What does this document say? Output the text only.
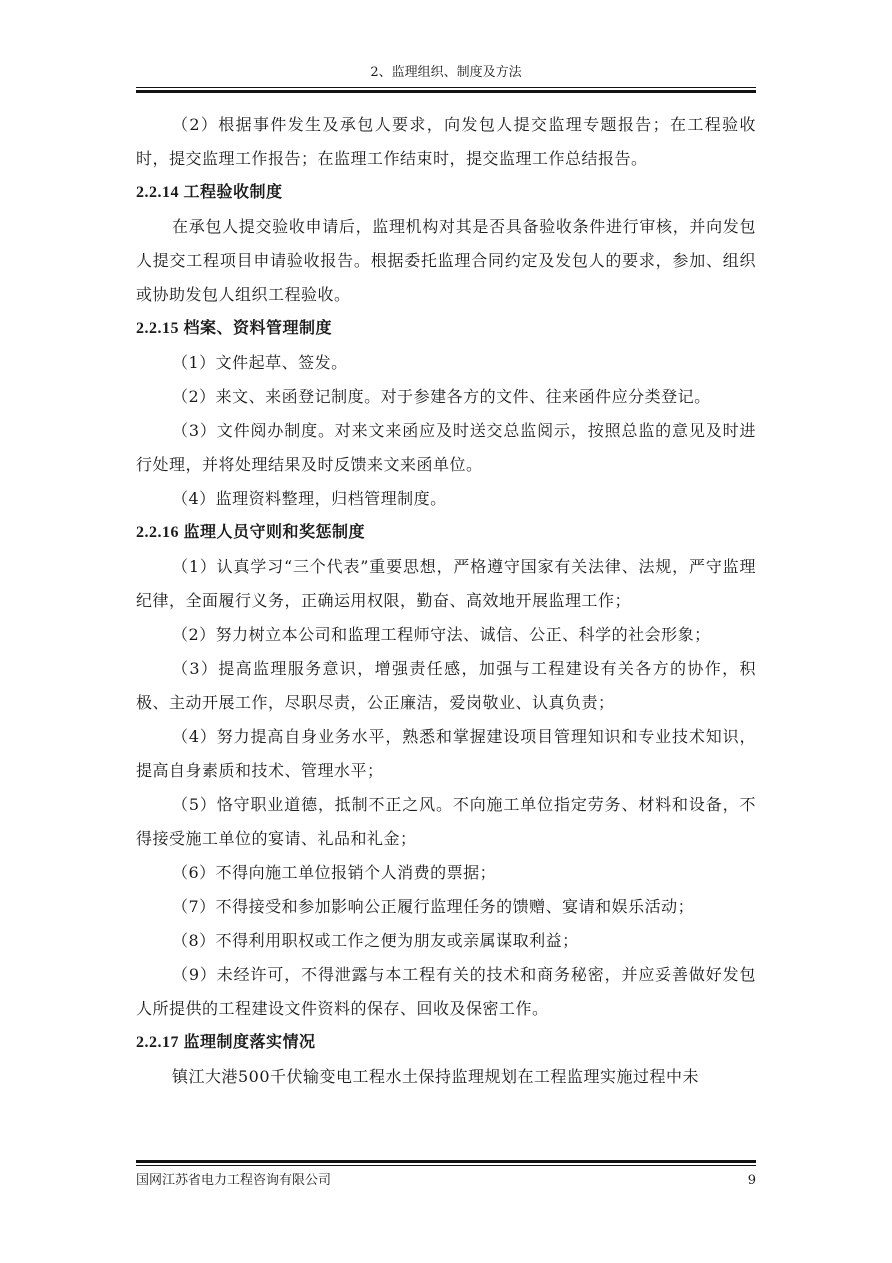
2、监理组织、制度及方法

（2）根据事件发生及承包人要求，向发包人提交监理专题报告；在工程验收时，提交监理工作报告；在监理工作结束时，提交监理工作总结报告。

2.2.14 工程验收制度

在承包人提交验收申请后，监理机构对其是否具备验收条件进行审核，并向发包人提交工程项目申请验收报告。根据委托监理合同约定及发包人的要求，参加、组织或协助发包人组织工程验收。

2.2.15 档案、资料管理制度

（1）文件起草、签发。

（2）来文、来函登记制度。对于参建各方的文件、往来函件应分类登记。

（3）文件阅办制度。对来文来函应及时送交总监阅示，按照总监的意见及时进行处理，并将处理结果及时反馈来文来函单位。

（4）监理资料整理，归档管理制度。

2.2.16 监理人员守则和奖惩制度

（1）认真学习“三个代表”重要思想，严格遵守国家有关法律、法规，严守监理纪律，全面履行义务，正确运用权限，勤奋、高效地开展监理工作；

（2）努力树立本公司和监理工程师守法、诚信、公正、科学的社会形象；

（3）提高监理服务意识，增强责任感，加强与工程建设有关各方的协作，积极、主动开展工作，尽职尽责，公正廉洁，爱岗敬业、认真负责；

（4）努力提高自身业务水平，熟悉和掌握建设项目管理知识和专业技术知识，提高自身素质和技术、管理水平；

（5）恪守职业道德，抵制不正之风。不向施工单位指定劳务、材料和设备，不得接受施工单位的宴请、礼品和礼金；

（6）不得向施工单位报销个人消费的票据；

（7）不得接受和参加影响公正履行监理任务的馈赠、宴请和娱乐活动；

（8）不得利用职权或工作之便为朋友或亲属谋取利益；

（9）未经许可，不得泄露与本工程有关的技术和商务秘密，并应妥善做好发包人所提供的工程建设文件资料的保存、回收及保密工作。

2.2.17 监理制度落实情况

镇江大港500千伏输变电工程水土保持监理规划在工程监理实施过程中未

国网江苏省电力工程咨询有限公司	9
